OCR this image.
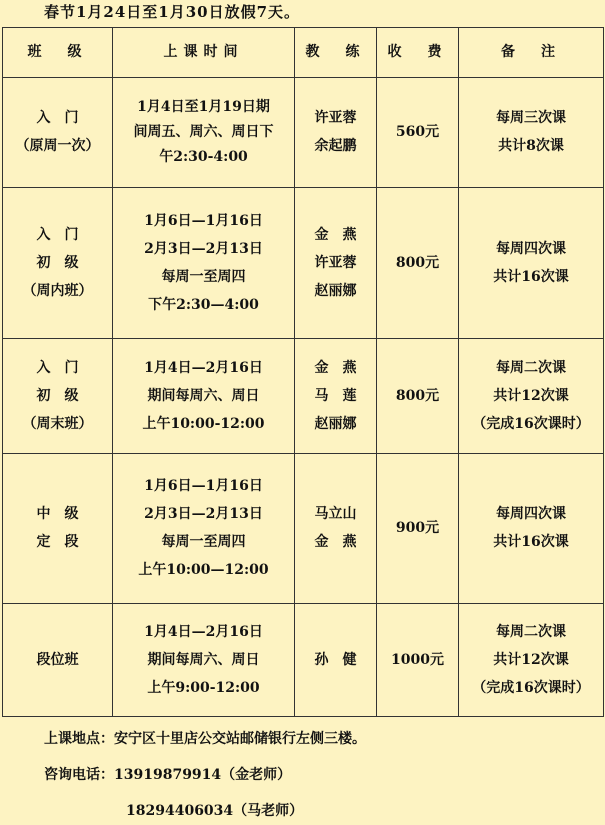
春节1月24日至1月30日放假7天。
班　级	上课时间	教　练	收　费	备　注

入　门
（原周一次）	1月4日至1月19日期
间周五、周六、周日下
午2:30-4:00	许亚蓉
余起鹏	560元	每周三次课
共计8次课

入　门
初　级
（周内班）	1月6日—1月16日
2月3日—2月13日
每周一至周四
下午2:30—4:00	金　燕
许亚蓉
赵丽娜	800元	每周四次课
共计16次课

入　门
初　级
（周末班）	1月4日—2月16日
期间每周六、周日
上午10:00-12:00	金　燕
马　莲
赵丽娜	800元	每周二次课
共计12次课
（完成16次课时）

中　级
定　段	1月6日—1月16日
2月3日—2月13日
每周一至周四
上午10:00—12:00	马立山
金　燕	900元	每周四次课
共计16次课

段位班	1月4日—2月16日
期间每周六、周日
上午9:00-12:00	孙　健	1000元	每周二次课
共计12次课
（完成16次课时）
上课地点：安宁区十里店公交站邮储银行左侧三楼。
咨询电话：13919879914（金老师）
18294406034（马老师）
